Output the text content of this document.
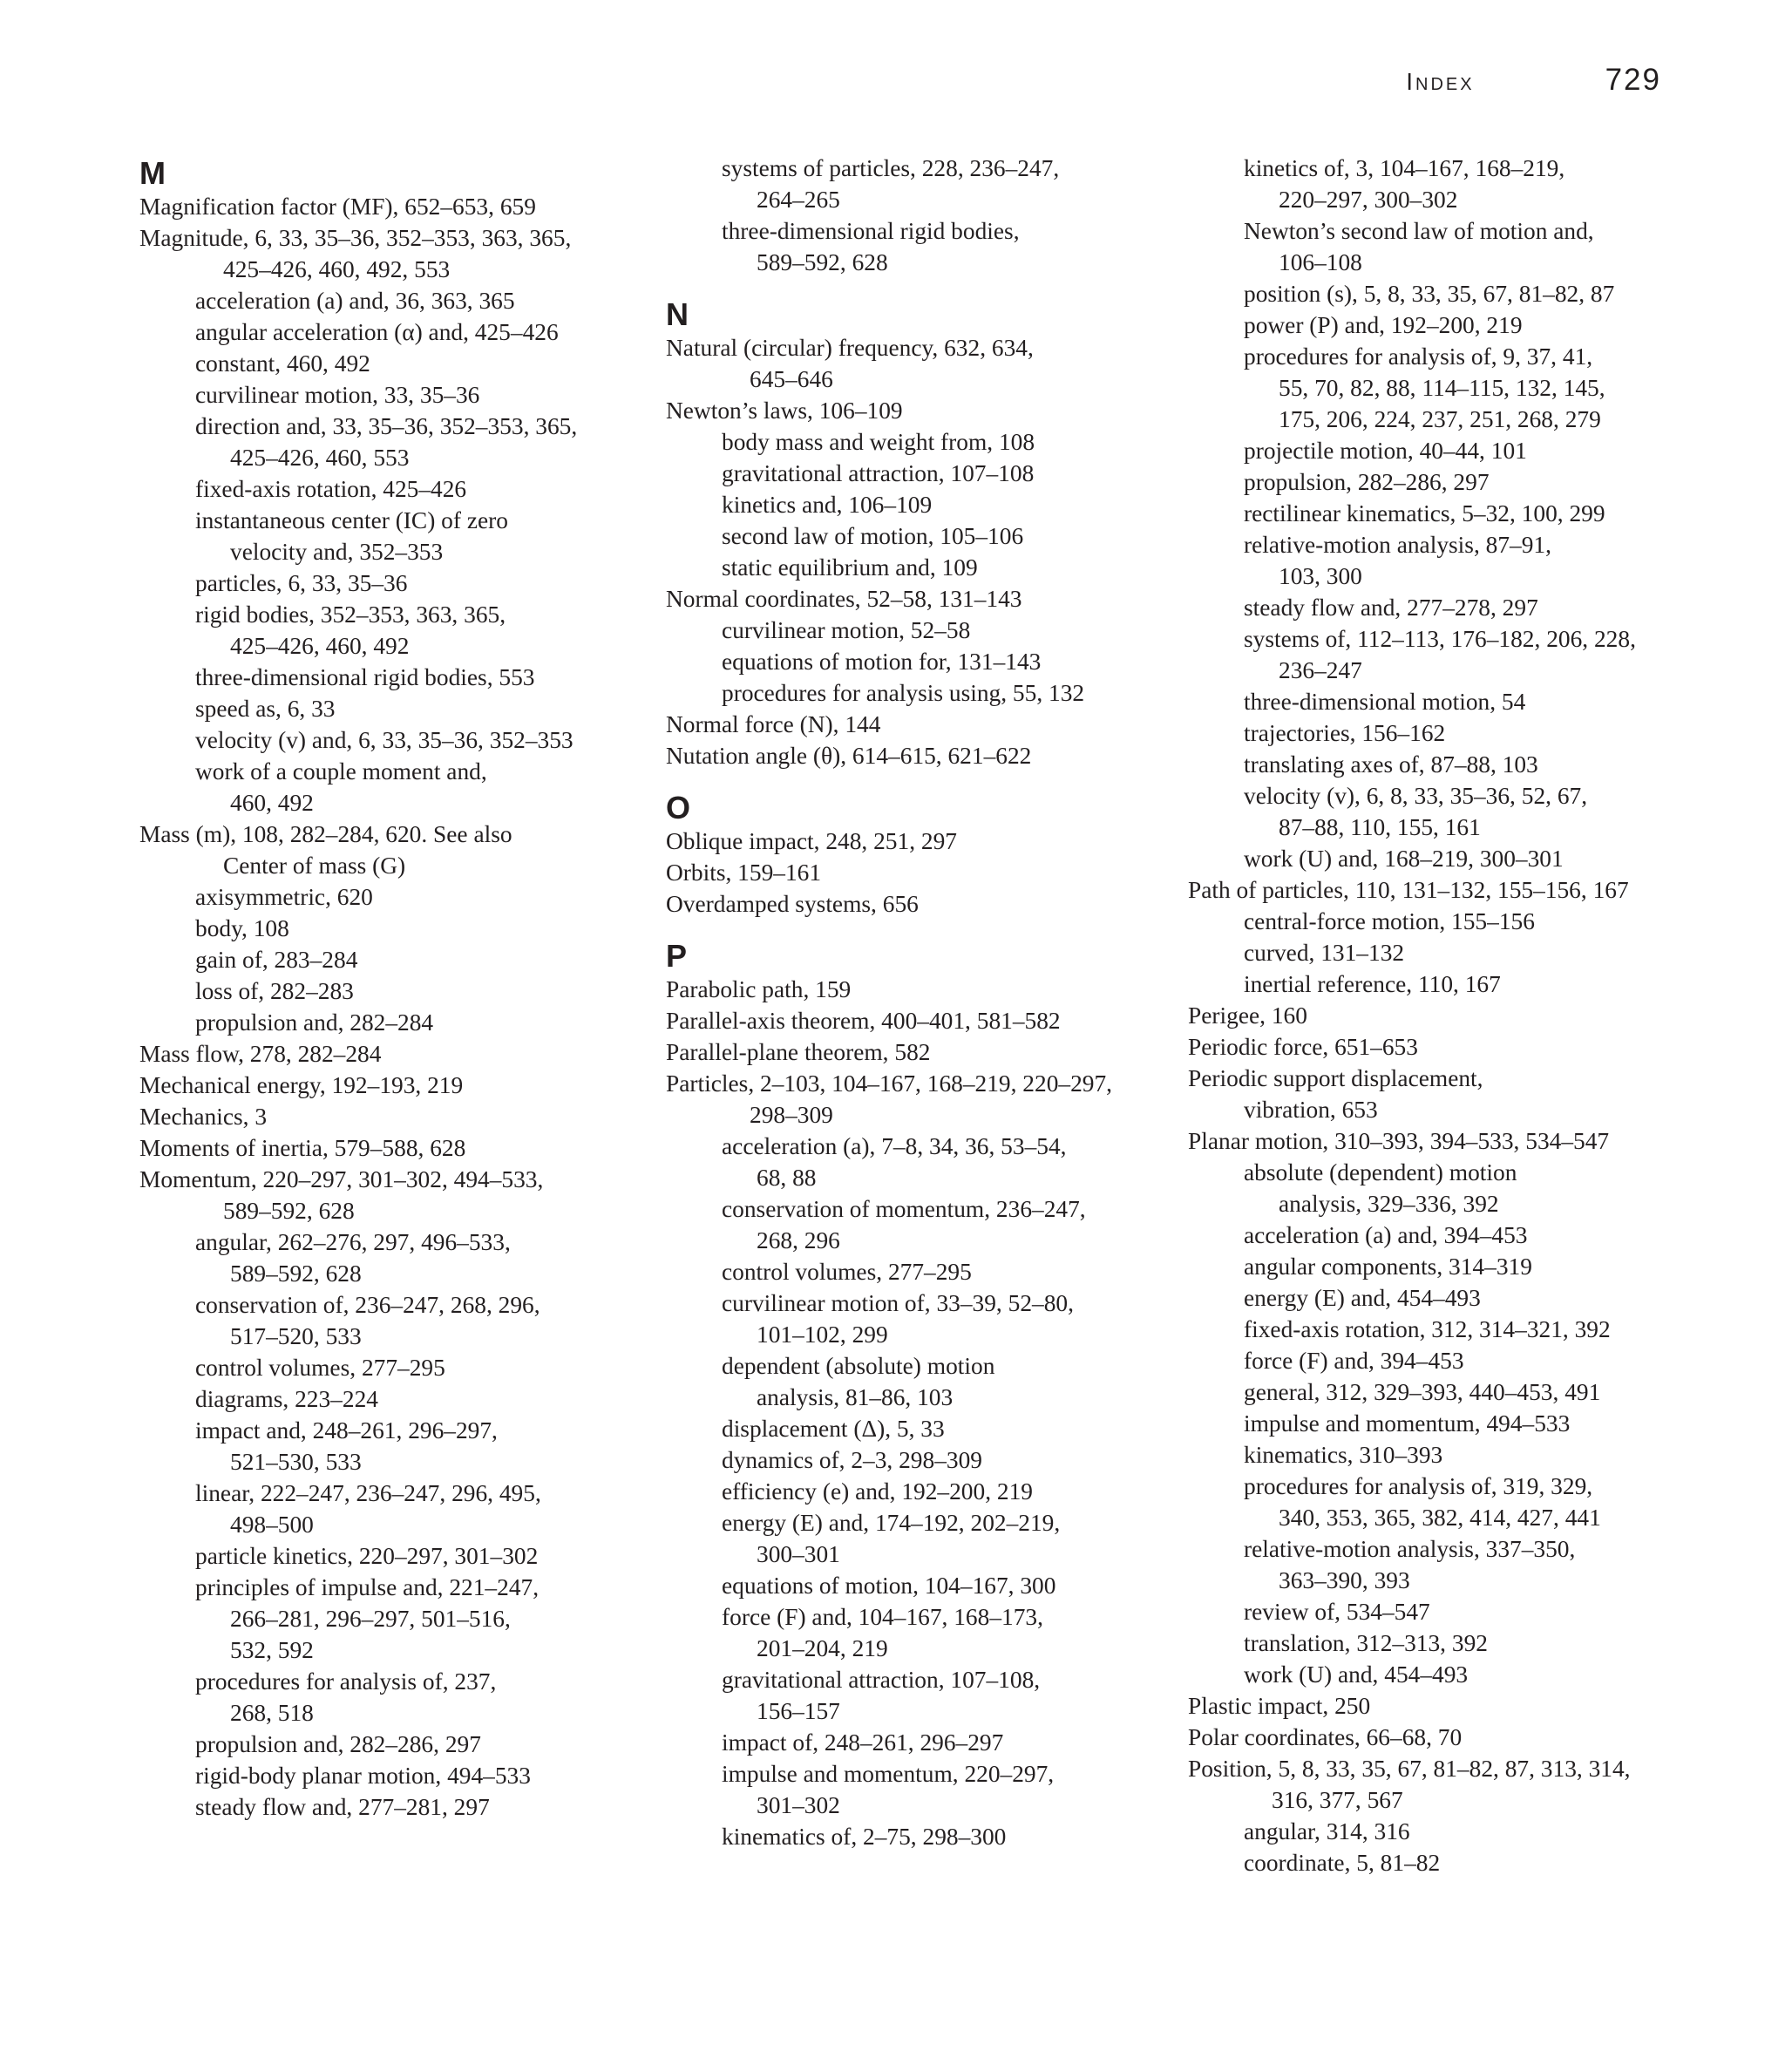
Index	729
M
Magnification factor (MF), 652–653, 659
Magnitude, 6, 33, 35–36, 352–353, 363, 365,
425–426, 460, 492, 553
acceleration (a) and, 36, 363, 365
angular acceleration (α) and, 425–426
constant, 460, 492
curvilinear motion, 33, 35–36
direction and, 33, 35–36, 352–353, 365,
425–426, 460, 553
fixed-axis rotation, 425–426
instantaneous center (IC) of zero
velocity and, 352–353
particles, 6, 33, 35–36
rigid bodies, 352–353, 363, 365,
425–426, 460, 492
three-dimensional rigid bodies, 553
speed as, 6, 33
velocity (v) and, 6, 33, 35–36, 352–353
work of a couple moment and,
460, 492
Mass (m), 108, 282–284, 620. See also
Center of mass (G)
axisymmetric, 620
body, 108
gain of, 283–284
loss of, 282–283
propulsion and, 282–284
Mass flow, 278, 282–284
Mechanical energy, 192–193, 219
Mechanics, 3
Moments of inertia, 579–588, 628
Momentum, 220–297, 301–302, 494–533,
589–592, 628
angular, 262–276, 297, 496–533,
589–592, 628
conservation of, 236–247, 268, 296,
517–520, 533
control volumes, 277–295
diagrams, 223–224
impact and, 248–261, 296–297,
521–530, 533
linear, 222–247, 236–247, 296, 495,
498–500
particle kinetics, 220–297, 301–302
principles of impulse and, 221–247,
266–281, 296–297, 501–516,
532, 592
procedures for analysis of, 237,
268, 518
propulsion and, 282–286, 297
rigid-body planar motion, 494–533
steady flow and, 277–281, 297
systems of particles, 228, 236–247,
264–265
three-dimensional rigid bodies,
589–592, 628
N
Natural (circular) frequency, 632, 634,
645–646
Newton’s laws, 106–109
body mass and weight from, 108
gravitational attraction, 107–108
kinetics and, 106–109
second law of motion, 105–106
static equilibrium and, 109
Normal coordinates, 52–58, 131–143
curvilinear motion, 52–58
equations of motion for, 131–143
procedures for analysis using, 55, 132
Normal force (N), 144
Nutation angle (θ), 614–615, 621–622
O
Oblique impact, 248, 251, 297
Orbits, 159–161
Overdamped systems, 656
P
Parabolic path, 159
Parallel-axis theorem, 400–401, 581–582
Parallel-plane theorem, 582
Particles, 2–103, 104–167, 168–219, 220–297,
298–309
acceleration (a), 7–8, 34, 36, 53–54,
68, 88
conservation of momentum, 236–247,
268, 296
control volumes, 277–295
curvilinear motion of, 33–39, 52–80,
101–102, 299
dependent (absolute) motion
analysis, 81–86, 103
displacement (Δ), 5, 33
dynamics of, 2–3, 298–309
efficiency (e) and, 192–200, 219
energy (E) and, 174–192, 202–219,
300–301
equations of motion, 104–167, 300
force (F) and, 104–167, 168–173,
201–204, 219
gravitational attraction, 107–108,
156–157
impact of, 248–261, 296–297
impulse and momentum, 220–297,
301–302
kinematics of, 2–75, 298–300
kinetics of, 3, 104–167, 168–219,
220–297, 300–302
Newton’s second law of motion and,
106–108
position (s), 5, 8, 33, 35, 67, 81–82, 87
power (P) and, 192–200, 219
procedures for analysis of, 9, 37, 41,
55, 70, 82, 88, 114–115, 132, 145,
175, 206, 224, 237, 251, 268, 279
projectile motion, 40–44, 101
propulsion, 282–286, 297
rectilinear kinematics, 5–32, 100, 299
relative-motion analysis, 87–91,
103, 300
steady flow and, 277–278, 297
systems of, 112–113, 176–182, 206, 228,
236–247
three-dimensional motion, 54
trajectories, 156–162
translating axes of, 87–88, 103
velocity (v), 6, 8, 33, 35–36, 52, 67,
87–88, 110, 155, 161
work (U) and, 168–219, 300–301
Path of particles, 110, 131–132, 155–156, 167
central-force motion, 155–156
curved, 131–132
inertial reference, 110, 167
Perigee, 160
Periodic force, 651–653
Periodic support displacement,
vibration, 653
Planar motion, 310–393, 394–533, 534–547
absolute (dependent) motion
analysis, 329–336, 392
acceleration (a) and, 394–453
angular components, 314–319
energy (E) and, 454–493
fixed-axis rotation, 312, 314–321, 392
force (F) and, 394–453
general, 312, 329–393, 440–453, 491
impulse and momentum, 494–533
kinematics, 310–393
procedures for analysis of, 319, 329,
340, 353, 365, 382, 414, 427, 441
relative-motion analysis, 337–350,
363–390, 393
review of, 534–547
translation, 312–313, 392
work (U) and, 454–493
Plastic impact, 250
Polar coordinates, 66–68, 70
Position, 5, 8, 33, 35, 67, 81–82, 87, 313, 314,
316, 377, 567
angular, 314, 316
coordinate, 5, 81–82
